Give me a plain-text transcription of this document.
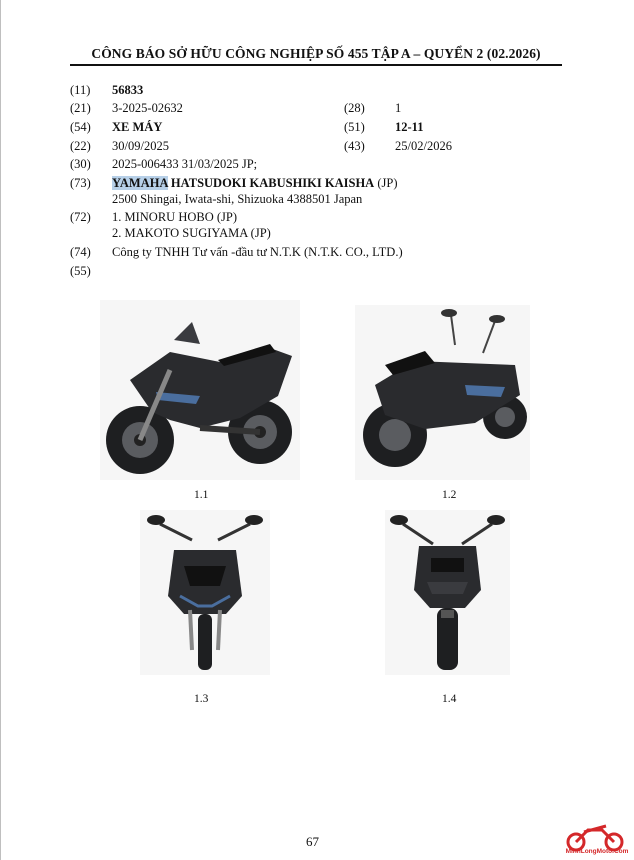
CÔNG BÁO SỞ HỮU CÔNG NGHIỆP SỐ 455 TẬP A – QUYỂN 2 (02.2026)
(11) 56833
(21) 3-2025-02632	(28) 1
(54) XE MÁY	(51) 12-11
(22) 30/09/2025	(43) 25/02/2026
(30) 2025-006433 31/03/2025 JP;
(73) YAMAHA HATSUDOKI KABUSHIKI KAISHA (JP)
2500 Shingai, Iwata-shi, Shizuoka 4388501 Japan
(72) 1. MINORU HOBO (JP)
2. MAKOTO SUGIYAMA (JP)
(74) Công ty TNHH Tư vấn -đầu tư N.T.K (N.T.K. CO., LTD.)
(55)
1.1	1.2
1.3	1.4
67
MinhLongMoto.Com
